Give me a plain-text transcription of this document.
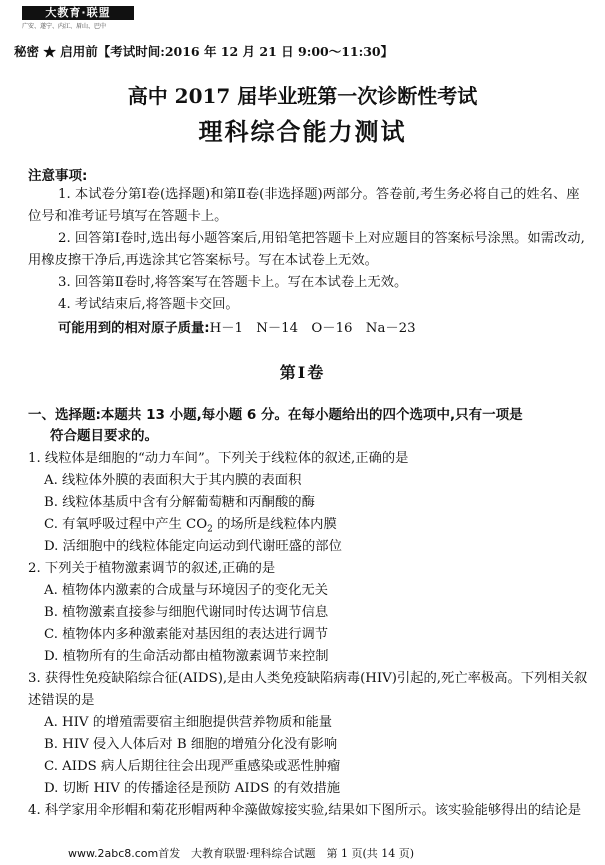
大教育·联盟
广安、遂宁、内江、眉山、巴中
秘密 ★ 启用前【考试时间:2016 年 12 月 21 日 9:00～11:30】
高中 2017 届毕业班第一次诊断性考试
理科综合能力测试
注意事项:
1. 本试卷分第Ⅰ卷(选择题)和第Ⅱ卷(非选择题)两部分。答卷前,考生务必将自己的姓名、座位号和准考证号填写在答题卡上。
2. 回答第Ⅰ卷时,选出每小题答案后,用铅笔把答题卡上对应题目的答案标号涂黑。如需改动,用橡皮擦干净后,再选涂其它答案标号。写在本试卷上无效。
3. 回答第Ⅱ卷时,将答案写在答题卡上。写在本试卷上无效。
4. 考试结束后,将答题卡交回。
可能用到的相对原子质量:H－1　N－14　O－16　Na－23
第Ⅰ卷
一、选择题:本题共 13 小题,每小题 6 分。在每小题给出的四个选项中,只有一项是
符合题目要求的。
1. 线粒体是细胞的“动力车间”。下列关于线粒体的叙述,正确的是
A. 线粒体外膜的表面积大于其内膜的表面积
B. 线粒体基质中含有分解葡萄糖和丙酮酸的酶
C. 有氧呼吸过程中产生 $CO_2$ 的场所是线粒体内膜
D. 活细胞中的线粒体能定向运动到代谢旺盛的部位
2. 下列关于植物激素调节的叙述,正确的是
A. 植物体内激素的合成量与环境因子的变化无关
B. 植物激素直接参与细胞代谢同时传达调节信息
C. 植物体内多种激素能对基因组的表达进行调节
D. 植物所有的生命活动都由植物激素调节来控制
3. 获得性免疫缺陷综合征(AIDS),是由人类免疫缺陷病毒(HIV)引起的,死亡率极高。下列相关叙述错误的是
A. HIV 的增殖需要宿主细胞提供营养物质和能量
B. HIV 侵入人体后对 B 细胞的增殖分化没有影响
C. AIDS 病人后期往往会出现严重感染或恶性肿瘤
D. 切断 HIV 的传播途径是预防 AIDS 的有效措施
4. 科学家用伞形帽和菊花形帽两种伞藻做嫁接实验,结果如下图所示。该实验能够得出的结论是
www.2abc8.com首发 大教育联盟·理科综合试题　第 1 页(共 14 页)
